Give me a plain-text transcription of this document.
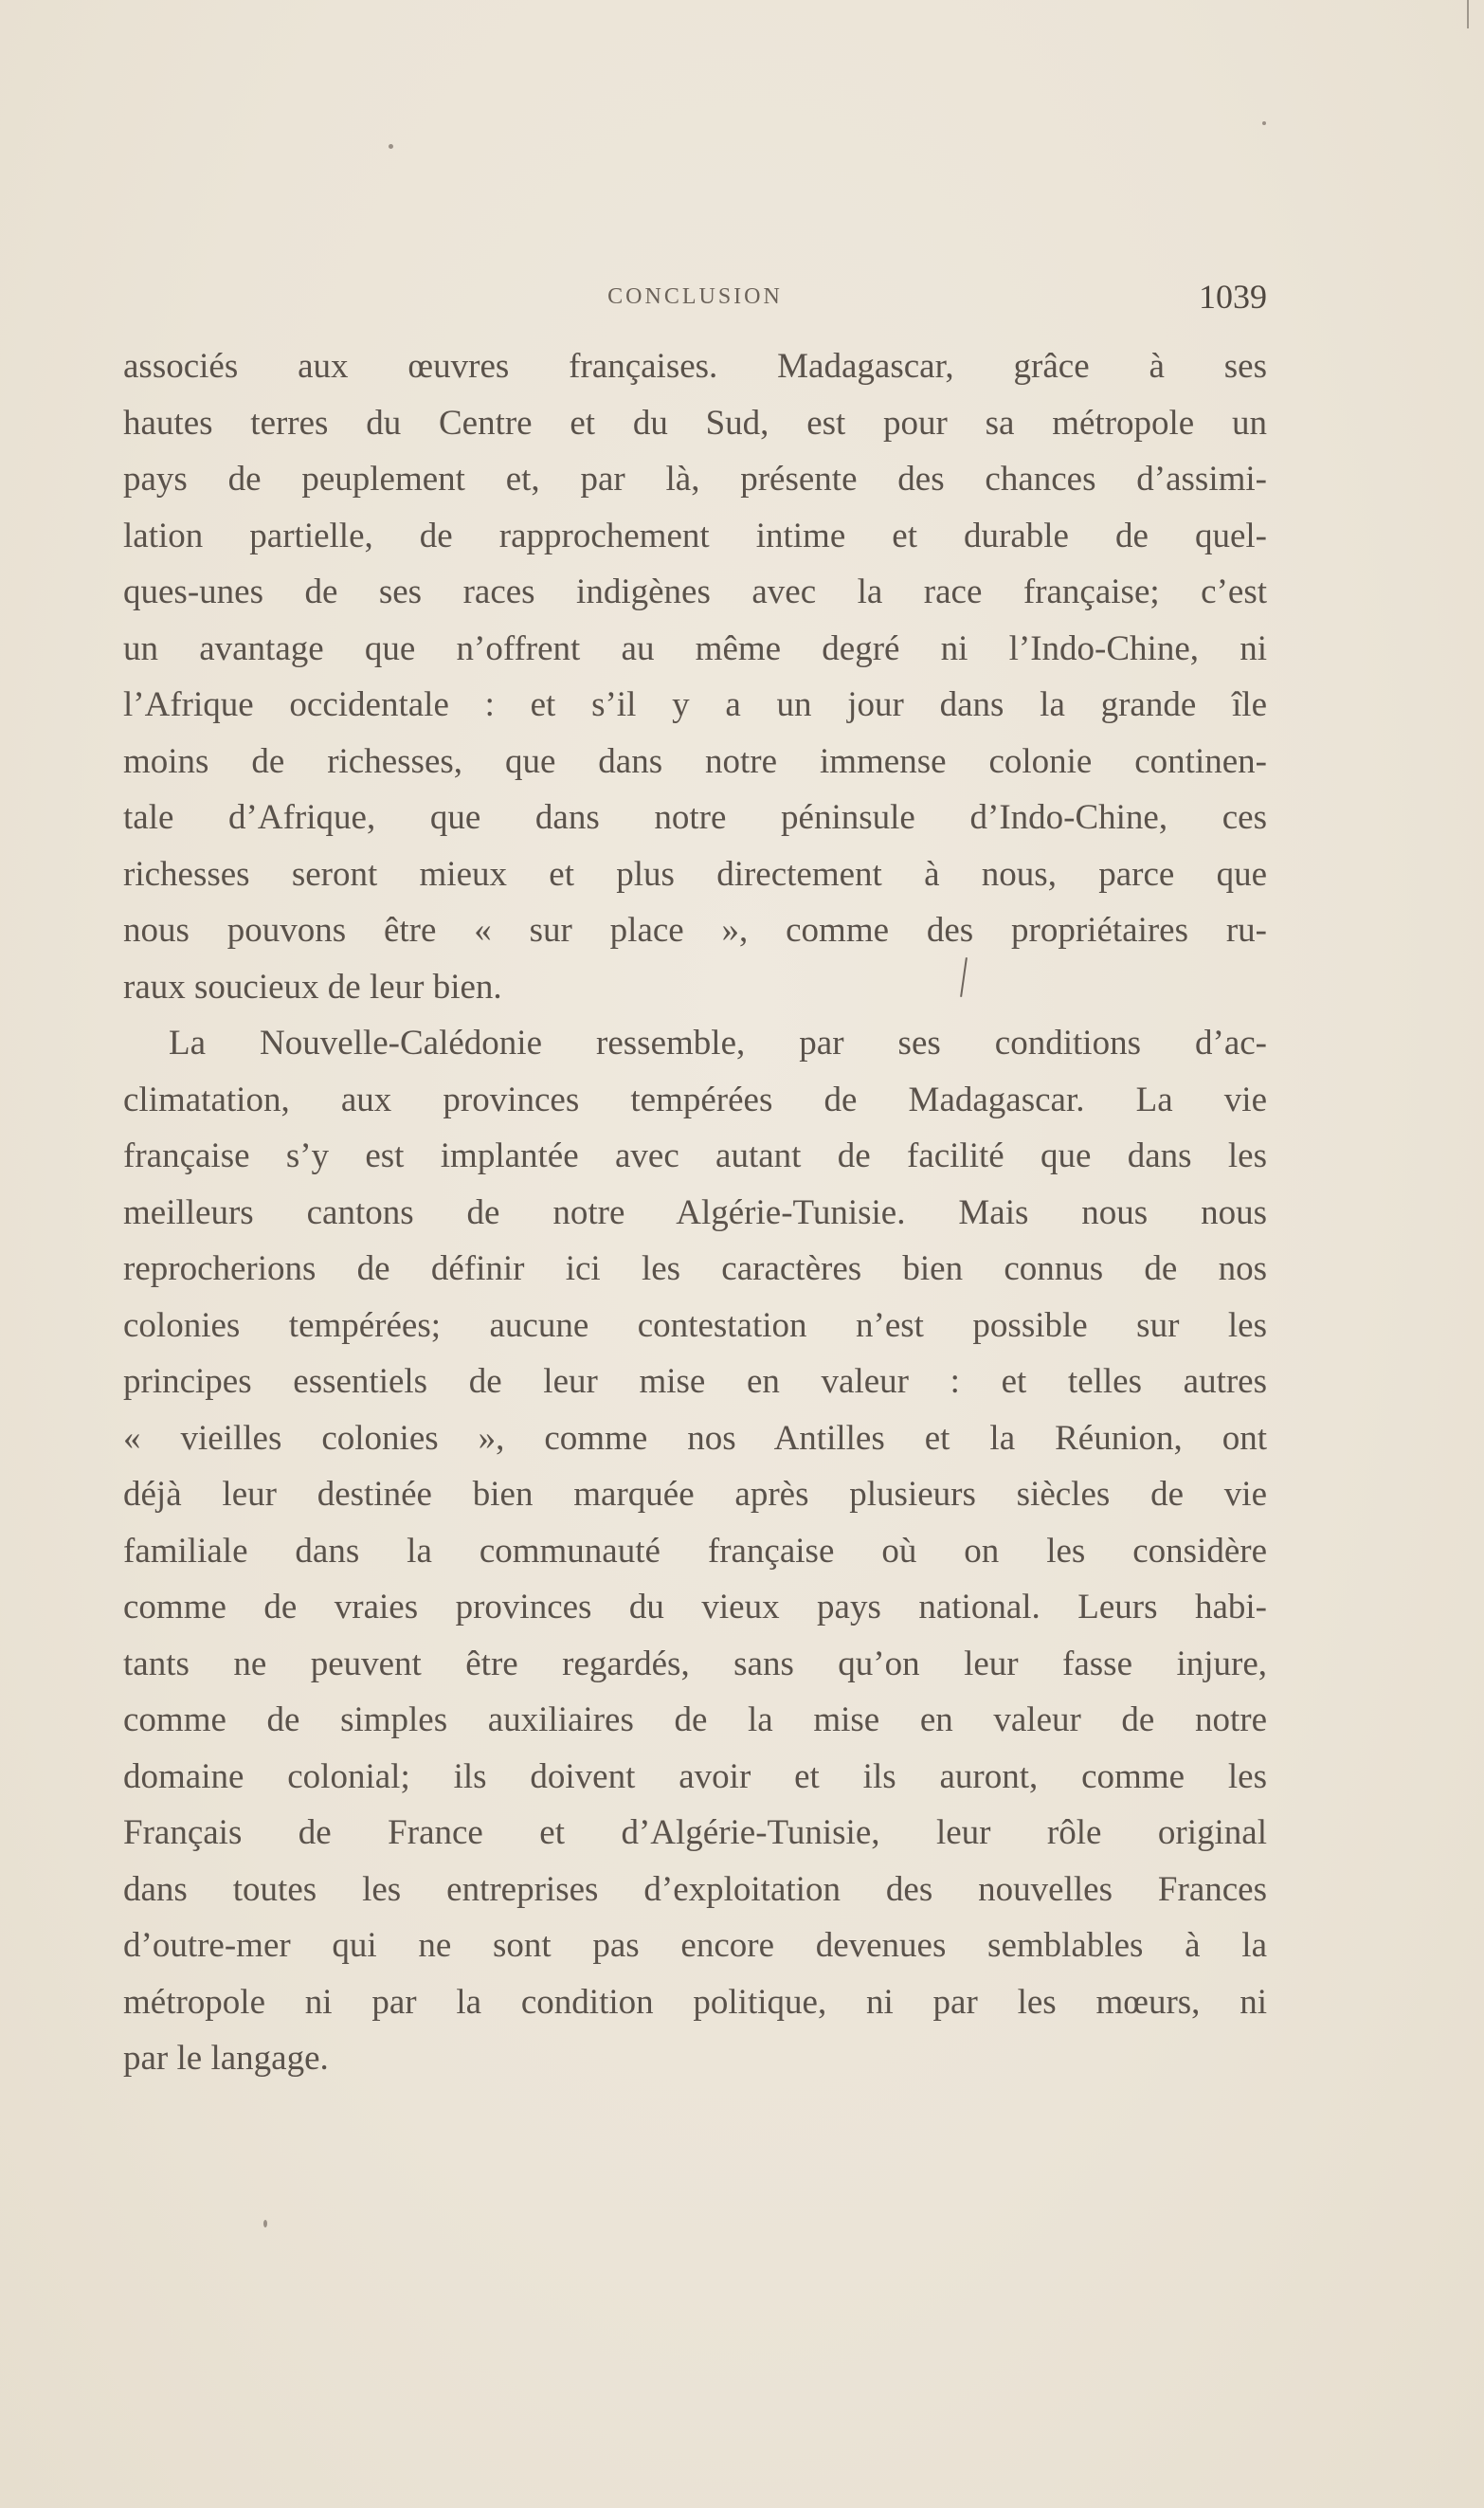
CONCLUSION	1039
associés aux œuvres françaises. Madagascar, grâce à ses
hautes terres du Centre et du Sud, est pour sa métropole un
pays de peuplement et, par là, présente des chances d’assimi-
lation partielle, de rapprochement intime et durable de quel-
ques-unes de ses races indigènes avec la race française; c’est
un avantage que n’offrent au même degré ni l’Indo-Chine, ni
l’Afrique occidentale : et s’il y a un jour dans la grande île
moins de richesses, que dans notre immense colonie continen-
tale d’Afrique, que dans notre péninsule d’Indo-Chine, ces
richesses seront mieux et plus directement à nous, parce que
nous pouvons être « sur place », comme des propriétaires ru-
raux soucieux de leur bien.
La Nouvelle-Calédonie ressemble, par ses conditions d’ac-
climatation, aux provinces tempérées de Madagascar. La vie
française s’y est implantée avec autant de facilité que dans les
meilleurs cantons de notre Algérie-Tunisie. Mais nous nous
reprocherions de définir ici les caractères bien connus de nos
colonies tempérées; aucune contestation n’est possible sur les
principes essentiels de leur mise en valeur : et telles autres
« vieilles colonies », comme nos Antilles et la Réunion, ont
déjà leur destinée bien marquée après plusieurs siècles de vie
familiale dans la communauté française où on les considère
comme de vraies provinces du vieux pays national. Leurs habi-
tants ne peuvent être regardés, sans qu’on leur fasse injure,
comme de simples auxiliaires de la mise en valeur de notre
domaine colonial; ils doivent avoir et ils auront, comme les
Français de France et d’Algérie-Tunisie, leur rôle original
dans toutes les entreprises d’exploitation des nouvelles Frances
d’outre-mer qui ne sont pas encore devenues semblables à la
métropole ni par la condition politique, ni par les mœurs, ni
par le langage.
